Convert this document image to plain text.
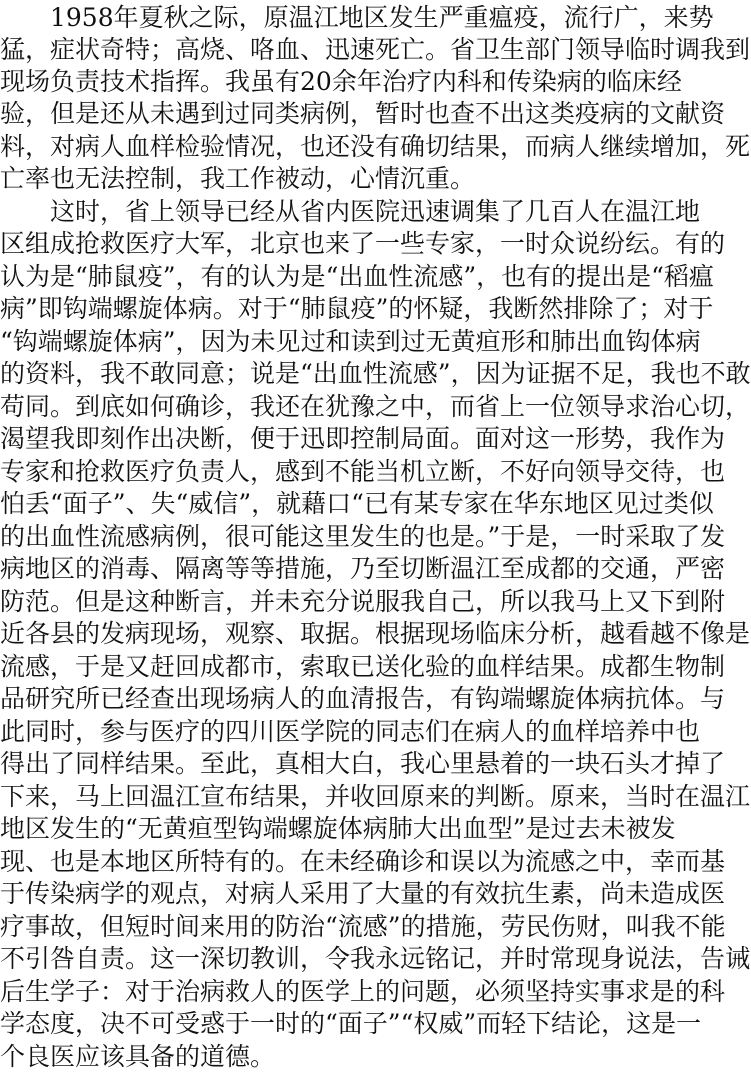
　　1958年夏秋之际，原温江地区发生严重瘟疫，流行广，来势
猛，症状奇特；高烧、咯血、迅速死亡。省卫生部门领导临时调我到
现场负责技术指挥。我虽有20余年治疗内科和传染病的临床经
验，但是还从未遇到过同类病例，暂时也查不出这类疫病的文献资
料，对病人血样检验情况，也还没有确切结果，而病人继续增加，死
亡率也无法控制，我工作被动，心情沉重。
　　这时，省上领导已经从省内医院迅速调集了几百人在温江地
区组成抢救医疗大军，北京也来了一些专家，一时众说纷纭。有的
认为是“肺鼠疫”，有的认为是“出血性流感”，也有的提出是“稻瘟
病”即钩端螺旋体病。对于“肺鼠疫”的怀疑，我断然排除了；对于
“钩端螺旋体病”，因为未见过和读到过无黄疸形和肺出血钩体病
的资料，我不敢同意；说是“出血性流感”，因为证据不足，我也不敢
苟同。到底如何确诊，我还在犹豫之中，而省上一位领导求治心切，
渴望我即刻作出决断，便于迅即控制局面。面对这一形势，我作为
专家和抢救医疗负责人，感到不能当机立断，不好向领导交待，也
怕丢“面子”、失“威信”，就藉口“已有某专家在华东地区见过类似
的出血性流感病例，很可能这里发生的也是。”于是，一时采取了发
病地区的消毒、隔离等等措施，乃至切断温江至成都的交通，严密
防范。但是这种断言，并未充分说服我自己，所以我马上又下到附
近各县的发病现场，观察、取据。根据现场临床分析，越看越不像是
流感，于是又赶回成都市，索取已送化验的血样结果。成都生物制
品研究所已经查出现场病人的血清报告，有钩端螺旋体病抗体。与
此同时，参与医疗的四川医学院的同志们在病人的血样培养中也
得出了同样结果。至此，真相大白，我心里悬着的一块石头才掉了
下来，马上回温江宣布结果，并收回原来的判断。原来，当时在温江
地区发生的“无黄疸型钩端螺旋体病肺大出血型”是过去未被发
现、也是本地区所特有的。在未经确诊和误以为流感之中，幸而基
于传染病学的观点，对病人采用了大量的有效抗生素，尚未造成医
疗事故，但短时间来用的防治“流感”的措施，劳民伤财，叫我不能
不引咎自责。这一深切教训，令我永远铭记，并时常现身说法，告诫
后生学子：对于治病救人的医学上的问题，必须坚持实事求是的科
学态度，决不可受惑于一时的“面子”“权威”而轻下结论，这是一
个良医应该具备的道德。
